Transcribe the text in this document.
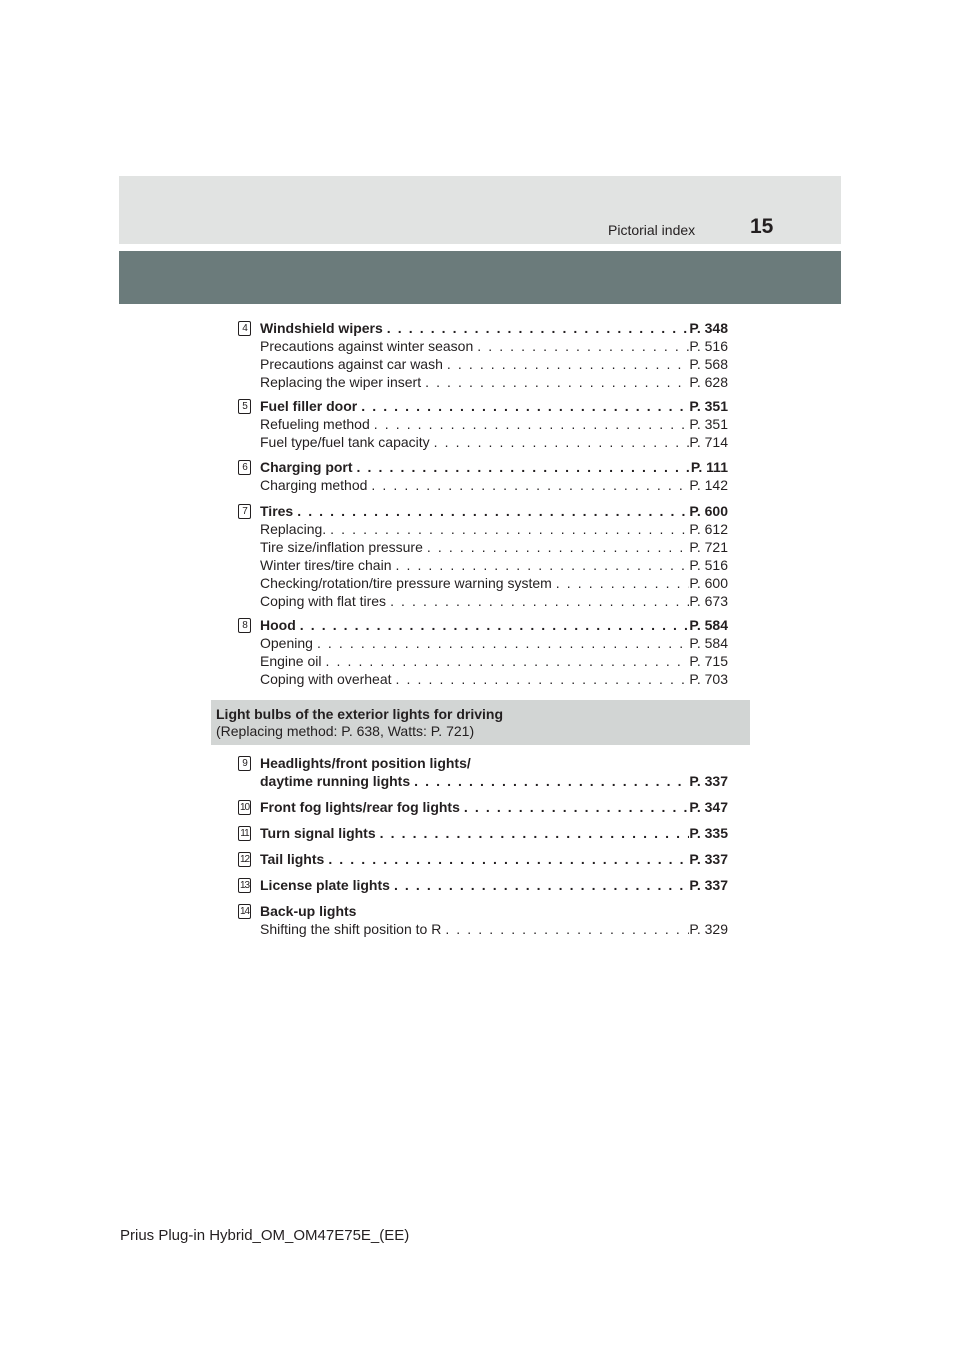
Pictorial index	15
4 Windshield wipers . . .	P. 348
Precautions against winter season . . .	P. 516
Precautions against car wash . . .	P. 568
Replacing the wiper insert . . .	P. 628
5 Fuel filler door . . .	P. 351
Refueling method . . .	P. 351
Fuel type/fuel tank capacity . . .	P. 714
6 Charging port . . .	P. 111
Charging method . . .	P. 142
7 Tires . . .	P. 600
Replacing. . . .	P. 612
Tire size/inflation pressure . . .	P. 721
Winter tires/tire chain . . .	P. 516
Checking/rotation/tire pressure warning system . . .	P. 600
Coping with flat tires . . .	P. 673
8 Hood . . .	P. 584
Opening . . .	P. 584
Engine oil . . .	P. 715
Coping with overheat . . .	P. 703
9 Headlights/front position lights/
daytime running lights . . .	P. 337
10 Front fog lights/rear fog lights . . .	P. 347
11 Turn signal lights . . .	P. 335
12 Tail lights . . .	P. 337
13 License plate lights . . .	P. 337
14 Back-up lights
Shifting the shift position to R . . .	P. 329
Light bulbs of the exterior lights for driving
(Replacing method: P. 638, Watts: P. 721)
Prius Plug-in Hybrid_OM_OM47E75E_(EE)
